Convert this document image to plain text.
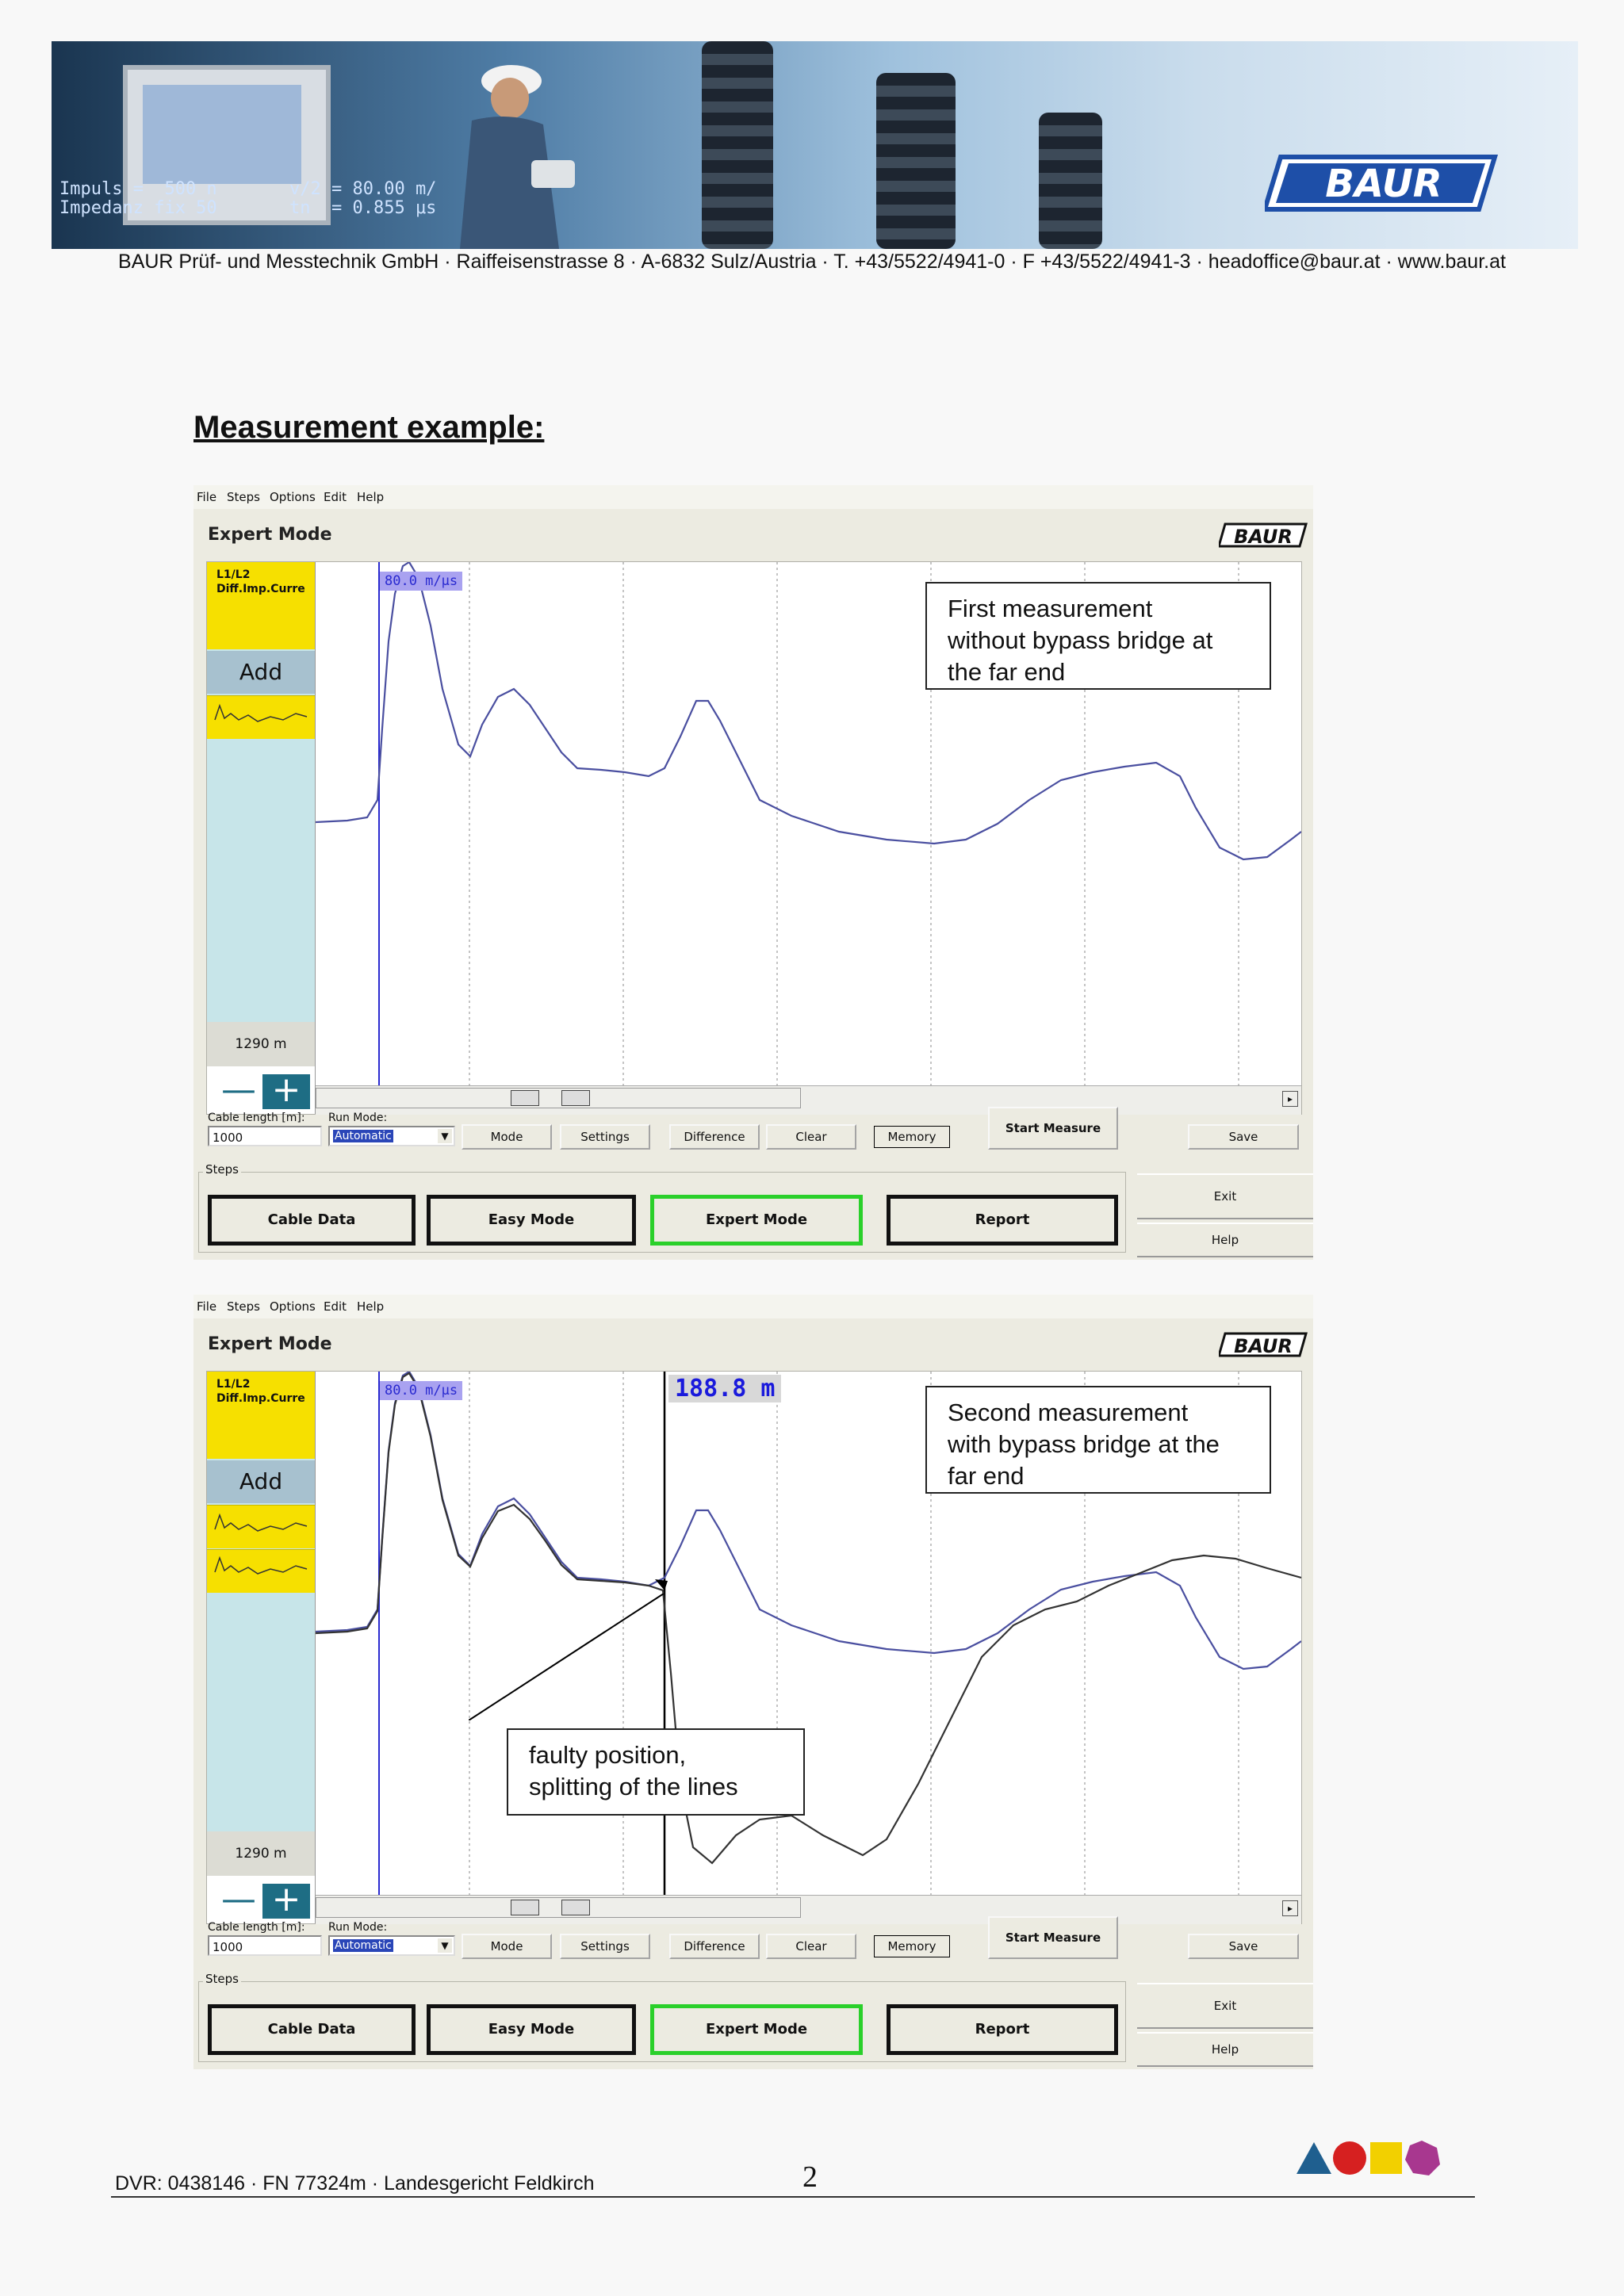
Impuls =  500 n
Impedanz fix 50
v/2 = 80.00 m/
tn  = 0.855 μs
BAUR
BAUR Prüf- und Messtechnik GmbH · Raiffeisenstrasse 8 · A-6832 Sulz/Austria · T. +43/5522/4941-0 · F +43/5522/4941-3 · headoffice@baur.at · www.baur.at
Measurement example:
File Steps Options Edit Help
Expert Mode	BAUR
L1/L2
Diff.Imp.Curre
Add
1290 m
— +
80.0 m/µs
First measurement
without bypass bridge at
the far end
▸
Cable length [m]:
1000
Run Mode:
Automatic	▼	Mode	Settings	Difference	Clear	Memory
Start Measure
Save
Steps
Cable Data	Easy Mode	Expert Mode	Report
Exit
Help
File Steps Options Edit Help
Expert Mode	BAUR
L1/L2
Diff.Imp.Curre
Add
1290 m
— +
80.0 m/µs	188.8 m
Second measurement
with bypass bridge at the
far end
faulty position,
splitting of the lines
▸
Cable length [m]:
1000
Run Mode:
Automatic	▼	Mode	Settings	Difference	Clear	Memory
Start Measure
Save
Steps
Cable Data	Easy Mode	Expert Mode	Report
Exit
Help
DVR: 0438146 · FN 77324m · Landesgericht Feldkirch	2
